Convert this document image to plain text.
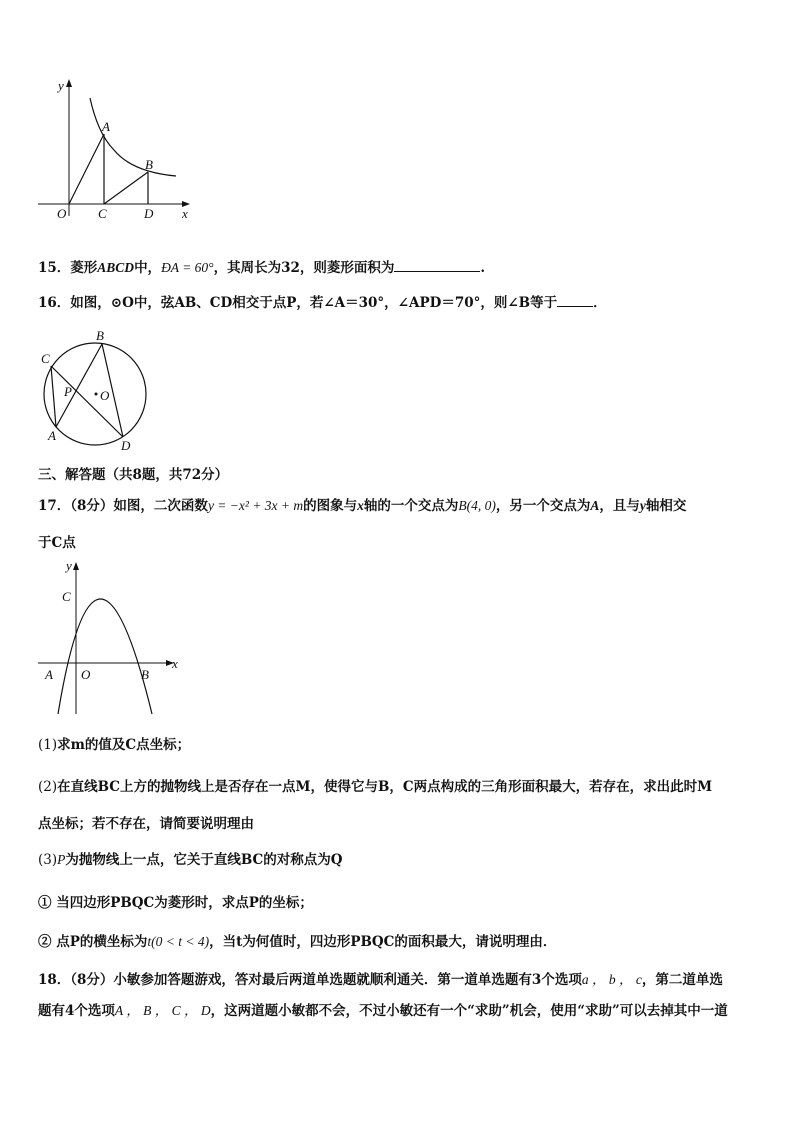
y
x
O
A
B
C	D
15．菱形ABCD中，ÐA = 60°，其周长为32，则菱形面积为	.
16．如图，⊙O中，弦AB、CD相交于点P，若∠A＝30°，∠APD＝70°，则∠B等于	．
C
B
P O
A
D
三、解答题（共8题，共72分）
17．（8分）如图，二次函数y = −x² + 3x + m的图象与x轴的一个交点为B(4, 0)，另一个交点为A，且与y轴相交
于C点
y
x
C
A O	B
(1)求m的值及C点坐标；
(2)在直线BC上方的抛物线上是否存在一点M，使得它与B，C两点构成的三角形面积最大，若存在，求出此时M
点坐标；若不存在，请简要说明理由
(3)P为抛物线上一点，它关于直线BC的对称点为Q
① 当四边形PBQC为菱形时，求点P的坐标；
② 点P的横坐标为t(0 < t < 4)，当t为何值时，四边形PBQC的面积最大，请说明理由．
18．（8分）小敏参加答题游戏，答对最后两道单选题就顺利通关．第一道单选题有3个选项a ， b ， c，第二道单选
题有4个选项A ， B ， C ， D，这两道题小敏都不会，不过小敏还有一个“求助”机会，使用“求助”可以去掉其中一道
